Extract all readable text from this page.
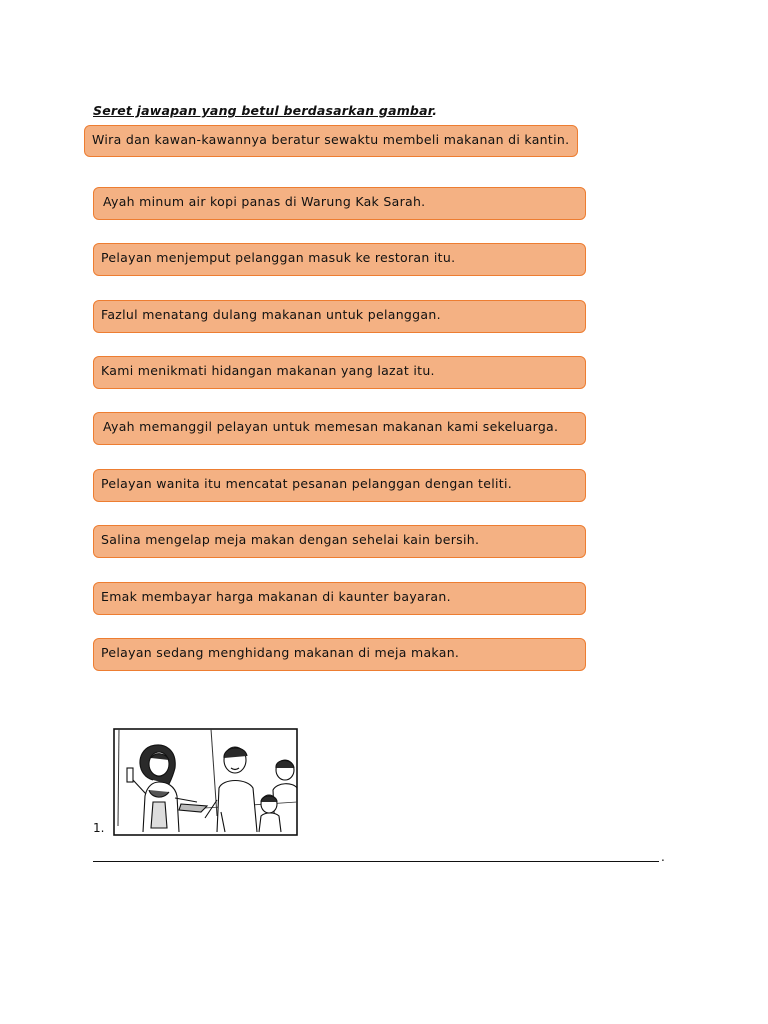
Seret jawapan yang betul berdasarkan gambar.
Wira dan kawan-kawannya beratur sewaktu membeli makanan di kantin.
Ayah minum air kopi panas di Warung Kak Sarah.
Pelayan menjemput pelanggan masuk ke restoran itu.
Fazlul menatang dulang makanan untuk pelanggan.
Kami menikmati hidangan makanan yang lazat itu.
Ayah memanggil pelayan untuk memesan makanan kami sekeluarga.
Pelayan wanita itu mencatat pesanan pelanggan dengan teliti.
Salina mengelap meja makan dengan sehelai kain bersih.
Emak membayar harga makanan di kaunter bayaran.
Pelayan sedang menghidang makanan di meja makan.
1.
.
